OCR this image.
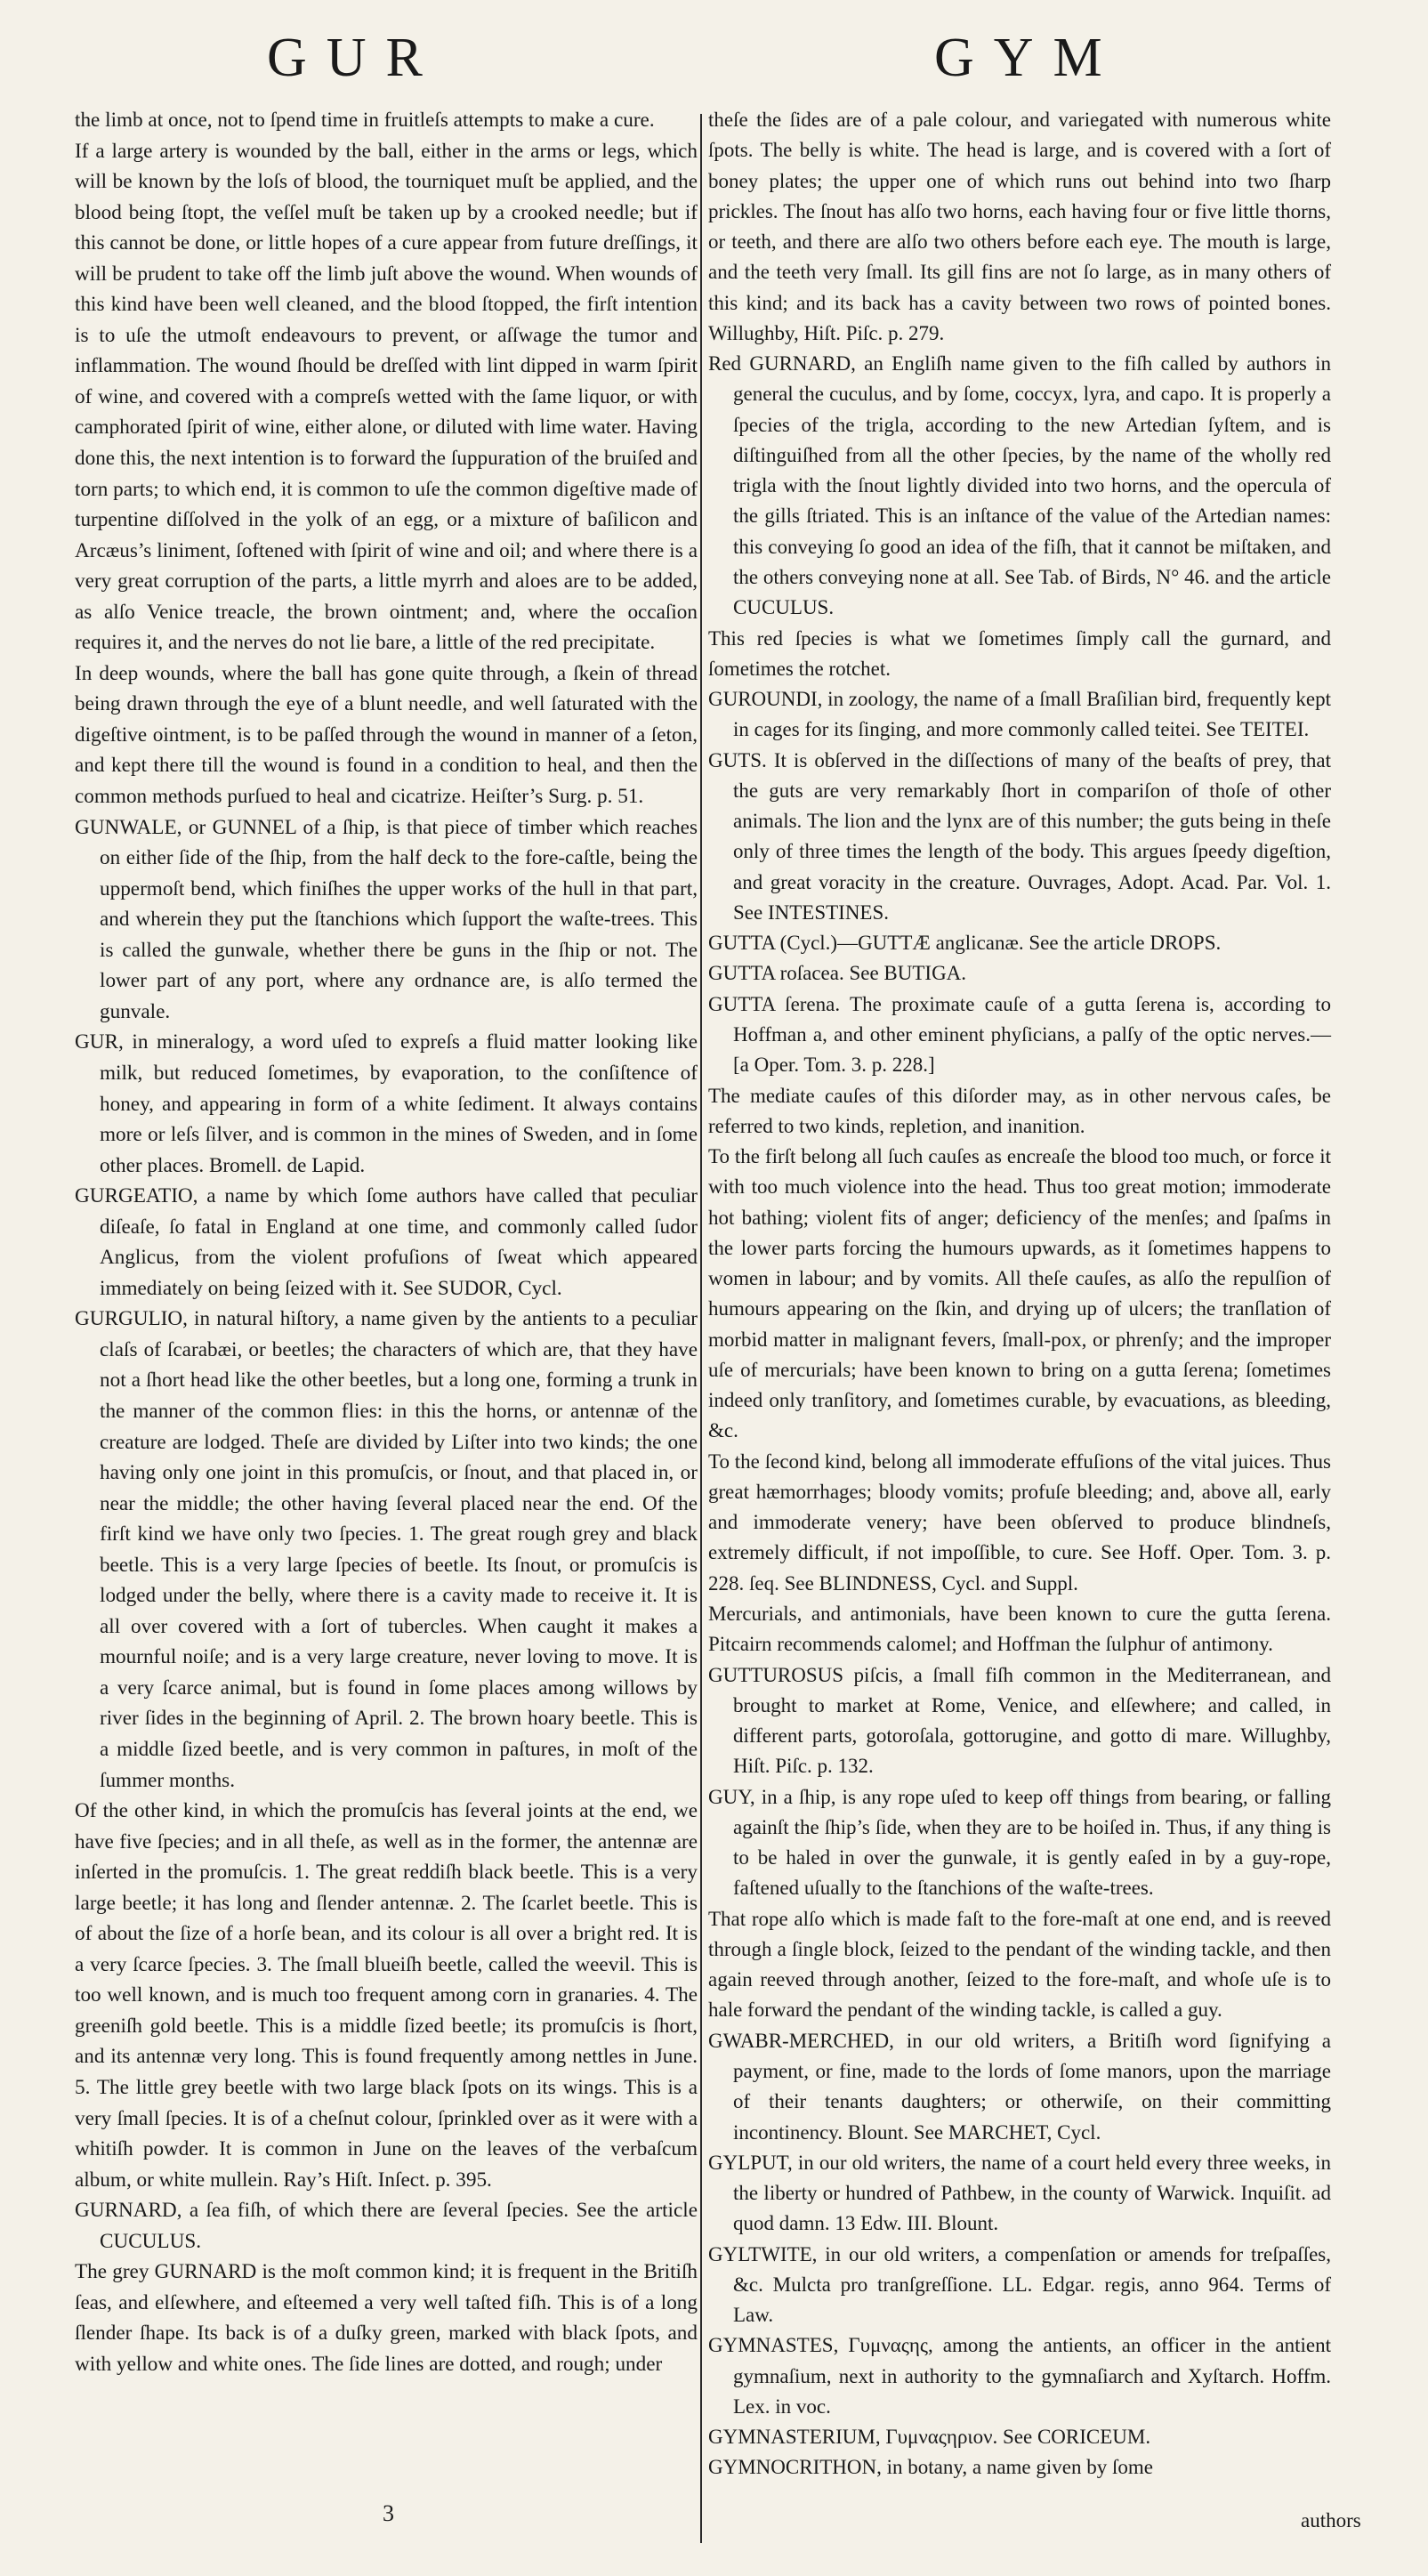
GUR	GYM

the limb at once, not to ſpend time in fruitleſs attempts to make a cure.

If a large artery is wounded by the ball, either in the arms or legs, which will be known by the loſs of blood, the tourniquet muſt be applied, and the blood being ſtopt, the veſſel muſt be taken up by a crooked needle; but if this cannot be done, or little hopes of a cure appear from future dreſſings, it will be prudent to take off the limb juſt above the wound. When wounds of this kind have been well cleaned, and the blood ſtopped, the firſt intention is to uſe the utmoſt endeavours to prevent, or aſſwage the tumor and inflammation. The wound ſhould be dreſſed with lint dipped in warm ſpirit of wine, and covered with a compreſs wetted with the ſame liquor, or with camphorated ſpirit of wine, either alone, or diluted with lime water. Having done this, the next intention is to forward the ſuppuration of the bruiſed and torn parts; to which end, it is common to uſe the common digeſtive made of turpentine diſſolved in the yolk of an egg, or a mixture of baſilicon and Arcæus’s liniment, ſoftened with ſpirit of wine and oil; and where there is a very great corruption of the parts, a little myrrh and aloes are to be added, as alſo Venice treacle, the brown ointment; and, where the occaſion requires it, and the nerves do not lie bare, a little of the red precipitate.

In deep wounds, where the ball has gone quite through, a ſkein of thread being drawn through the eye of a blunt needle, and well ſaturated with the digeſtive ointment, is to be paſſed through the wound in manner of a ſeton, and kept there till the wound is found in a condition to heal, and then the common methods purſued to heal and cicatrize. Heiſter’s Surg. p. 51.

GUNWALE, or GUNNEL of a ſhip, is that piece of timber which reaches on either ſide of the ſhip, from the half deck to the fore-caſtle, being the uppermoſt bend, which finiſhes the upper works of the hull in that part, and wherein they put the ſtanchions which ſupport the waſte-trees. This is called the gunwale, whether there be guns in the ſhip or not. The lower part of any port, where any ordnance are, is alſo termed the gunvale.

GUR, in mineralogy, a word uſed to expreſs a fluid matter looking like milk, but reduced ſometimes, by evaporation, to the conſiſtence of honey, and appearing in form of a white ſediment. It always contains more or leſs ſilver, and is common in the mines of Sweden, and in ſome other places. Bromell. de Lapid.

GURGEATIO, a name by which ſome authors have called that peculiar diſeaſe, ſo fatal in England at one time, and commonly called ſudor Anglicus, from the violent profuſions of ſweat which appeared immediately on being ſeized with it. See SUDOR, Cycl.

GURGULIO, in natural hiſtory, a name given by the antients to a peculiar claſs of ſcarabæi, or beetles; the characters of which are, that they have not a ſhort head like the other beetles, but a long one, forming a trunk in the manner of the common flies: in this the horns, or antennæ of the creature are lodged. Theſe are divided by Liſter into two kinds; the one having only one joint in this promuſcis, or ſnout, and that placed in, or near the middle; the other having ſeveral placed near the end. Of the firſt kind we have only two ſpecies. 1. The great rough grey and black beetle. This is a very large ſpecies of beetle. Its ſnout, or promuſcis is lodged under the belly, where there is a cavity made to receive it. It is all over covered with a ſort of tubercles. When caught it makes a mournful noiſe; and is a very large creature, never loving to move. It is a very ſcarce animal, but is found in ſome places among willows by river ſides in the beginning of April. 2. The brown hoary beetle. This is a middle ſized beetle, and is very common in paſtures, in moſt of the ſummer months.

Of the other kind, in which the promuſcis has ſeveral joints at the end, we have five ſpecies; and in all theſe, as well as in the former, the antennæ are inſerted in the promuſcis. 1. The great reddiſh black beetle. This is a very large beetle; it has long and ſlender antennæ. 2. The ſcarlet beetle. This is of about the ſize of a horſe bean, and its colour is all over a bright red. It is a very ſcarce ſpecies. 3. The ſmall blueiſh beetle, called the weevil. This is too well known, and is much too frequent among corn in granaries. 4. The greeniſh gold beetle. This is a middle ſized beetle; its promuſcis is ſhort, and its antennæ very long. This is found frequently among nettles in June. 5. The little grey beetle with two large black ſpots on its wings. This is a very ſmall ſpecies. It is of a cheſnut colour, ſprinkled over as it were with a whitiſh powder. It is common in June on the leaves of the verbaſcum album, or white mullein. Ray’s Hiſt. Inſect. p. 395.

GURNARD, a ſea fiſh, of which there are ſeveral ſpecies. See the article CUCULUS.

The grey GURNARD is the moſt common kind; it is frequent in the Britiſh ſeas, and elſewhere, and eſteemed a very well taſted fiſh. This is of a long ſlender ſhape. Its back is of a duſky green, marked with black ſpots, and with yellow and white ones. The ſide lines are dotted, and rough; under

theſe the ſides are of a pale colour, and variegated with numerous white ſpots. The belly is white. The head is large, and is covered with a ſort of boney plates; the upper one of which runs out behind into two ſharp prickles. The ſnout has alſo two horns, each having four or five little thorns, or teeth, and there are alſo two others before each eye. The mouth is large, and the teeth very ſmall. Its gill fins are not ſo large, as in many others of this kind; and its back has a cavity between two rows of pointed bones. Willughby, Hiſt. Piſc. p. 279.

Red GURNARD, an Engliſh name given to the fiſh called by authors in general the cuculus, and by ſome, coccyx, lyra, and capo. It is properly a ſpecies of the trigla, according to the new Artedian ſyſtem, and is diſtinguiſhed from all the other ſpecies, by the name of the wholly red trigla with the ſnout lightly divided into two horns, and the opercula of the gills ſtriated. This is an inſtance of the value of the Artedian names: this conveying ſo good an idea of the fiſh, that it cannot be miſtaken, and the others conveying none at all. See Tab. of Birds, N° 46. and the article CUCULUS.

This red ſpecies is what we ſometimes ſimply call the gurnard, and ſometimes the rotchet.

GUROUNDI, in zoology, the name of a ſmall Braſilian bird, frequently kept in cages for its ſinging, and more commonly called teitei. See TEITEI.

GUTS. It is obſerved in the diſſections of many of the beaſts of prey, that the guts are very remarkably ſhort in compariſon of thoſe of other animals. The lion and the lynx are of this number; the guts being in theſe only of three times the length of the body. This argues ſpeedy digeſtion, and great voracity in the creature. Ouvrages, Adopt. Acad. Par. Vol. 1. See INTESTINES.

GUTTA (Cycl.)—GUTTÆ anglicanæ. See the article DROPS.

GUTTA roſacea. See BUTIGA.

GUTTA ſerena. The proximate cauſe of a gutta ſerena is, according to Hoffman a, and other eminent phyſicians, a palſy of the optic nerves.—[a Oper. Tom. 3. p. 228.]

The mediate cauſes of this diſorder may, as in other nervous caſes, be referred to two kinds, repletion, and inanition.

To the firſt belong all ſuch cauſes as encreaſe the blood too much, or force it with too much violence into the head. Thus too great motion; immoderate hot bathing; violent fits of anger; deficiency of the menſes; and ſpaſms in the lower parts forcing the humours upwards, as it ſometimes happens to women in labour; and by vomits. All theſe cauſes, as alſo the repulſion of humours appearing on the ſkin, and drying up of ulcers; the tranſlation of morbid matter in malignant fevers, ſmall-pox, or phrenſy; and the improper uſe of mercurials; have been known to bring on a gutta ſerena; ſometimes indeed only tranſitory, and ſometimes curable, by evacuations, as bleeding, &c.

To the ſecond kind, belong all immoderate effuſions of the vital juices. Thus great hæmorrhages; bloody vomits; profuſe bleeding; and, above all, early and immoderate venery; have been obſerved to produce blindneſs, extremely difficult, if not impoſſible, to cure. See Hoff. Oper. Tom. 3. p. 228. ſeq. See BLINDNESS, Cycl. and Suppl.

Mercurials, and antimonials, have been known to cure the gutta ſerena. Pitcairn recommends calomel; and Hoffman the ſulphur of antimony.

GUTTUROSUS piſcis, a ſmall fiſh common in the Mediterranean, and brought to market at Rome, Venice, and elſewhere; and called, in different parts, gotoroſala, gottorugine, and gotto di mare. Willughby, Hiſt. Piſc. p. 132.

GUY, in a ſhip, is any rope uſed to keep off things from bearing, or falling againſt the ſhip’s ſide, when they are to be hoiſed in. Thus, if any thing is to be haled in over the gunwale, it is gently eaſed in by a guy-rope, faſtened uſually to the ſtanchions of the waſte-trees.

That rope alſo which is made faſt to the fore-maſt at one end, and is reeved through a ſingle block, ſeized to the pendant of the winding tackle, and then again reeved through another, ſeized to the fore-maſt, and whoſe uſe is to hale forward the pendant of the winding tackle, is called a guy.

GWABR-MERCHED, in our old writers, a Britiſh word ſignifying a payment, or fine, made to the lords of ſome manors, upon the marriage of their tenants daughters; or otherwiſe, on their committing incontinency. Blount. See MARCHET, Cycl.

GYLPUT, in our old writers, the name of a court held every three weeks, in the liberty or hundred of Pathbew, in the county of Warwick. Inquiſit. ad quod damn. 13 Edw. III. Blount.

GYLTWITE, in our old writers, a compenſation or amends for treſpaſſes, &c. Mulcta pro tranſgreſſione. LL. Edgar. regis, anno 964. Terms of Law.

GYMNASTES, Γυμναςης, among the antients, an officer in the antient gymnaſium, next in authority to the gymnaſiarch and Xyſtarch. Hoffm. Lex. in voc.

GYMNASTERIUM, Γυμναςηριον. See CORICEUM.

GYMNOCRITHON, in botany, a name given by ſome

3	authors
